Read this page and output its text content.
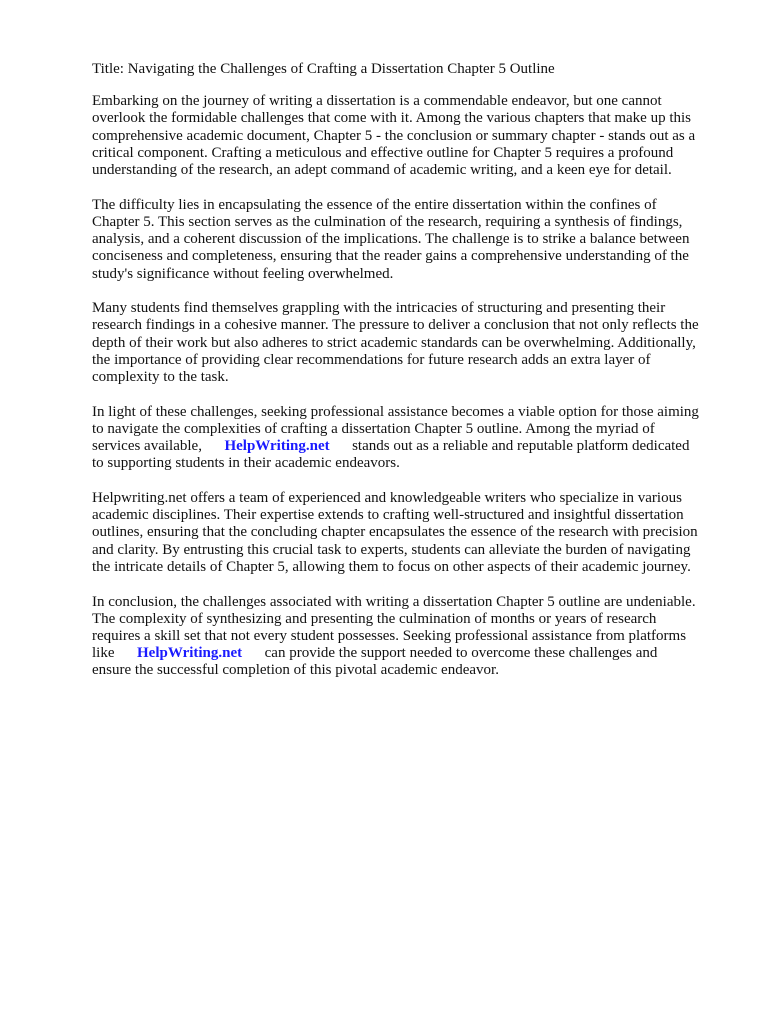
Title: Navigating the Challenges of Crafting a Dissertation Chapter 5 Outline

Embarking on the journey of writing a dissertation is a commendable endeavor, but one cannot
overlook the formidable challenges that come with it. Among the various chapters that make up this
comprehensive academic document, Chapter 5 - the conclusion or summary chapter - stands out as a
critical component. Crafting a meticulous and effective outline for Chapter 5 requires a profound
understanding of the research, an adept command of academic writing, and a keen eye for detail.

The difficulty lies in encapsulating the essence of the entire dissertation within the confines of
Chapter 5. This section serves as the culmination of the research, requiring a synthesis of findings,
analysis, and a coherent discussion of the implications. The challenge is to strike a balance between
conciseness and completeness, ensuring that the reader gains a comprehensive understanding of the
study's significance without feeling overwhelmed.

Many students find themselves grappling with the intricacies of structuring and presenting their
research findings in a cohesive manner. The pressure to deliver a conclusion that not only reflects the
depth of their work but also adheres to strict academic standards can be overwhelming. Additionally,
the importance of providing clear recommendations for future research adds an extra layer of
complexity to the task.

In light of these challenges, seeking professional assistance becomes a viable option for those aiming
to navigate the complexities of crafting a dissertation Chapter 5 outline. Among the myriad of
services available, HelpWriting.net stands out as a reliable and reputable platform dedicated
to supporting students in their academic endeavors.

Helpwriting.net offers a team of experienced and knowledgeable writers who specialize in various
academic disciplines. Their expertise extends to crafting well-structured and insightful dissertation
outlines, ensuring that the concluding chapter encapsulates the essence of the research with precision
and clarity. By entrusting this crucial task to experts, students can alleviate the burden of navigating
the intricate details of Chapter 5, allowing them to focus on other aspects of their academic journey.

In conclusion, the challenges associated with writing a dissertation Chapter 5 outline are undeniable.
The complexity of synthesizing and presenting the culmination of months or years of research
requires a skill set that not every student possesses. Seeking professional assistance from platforms
like HelpWriting.net can provide the support needed to overcome these challenges and
ensure the successful completion of this pivotal academic endeavor.
